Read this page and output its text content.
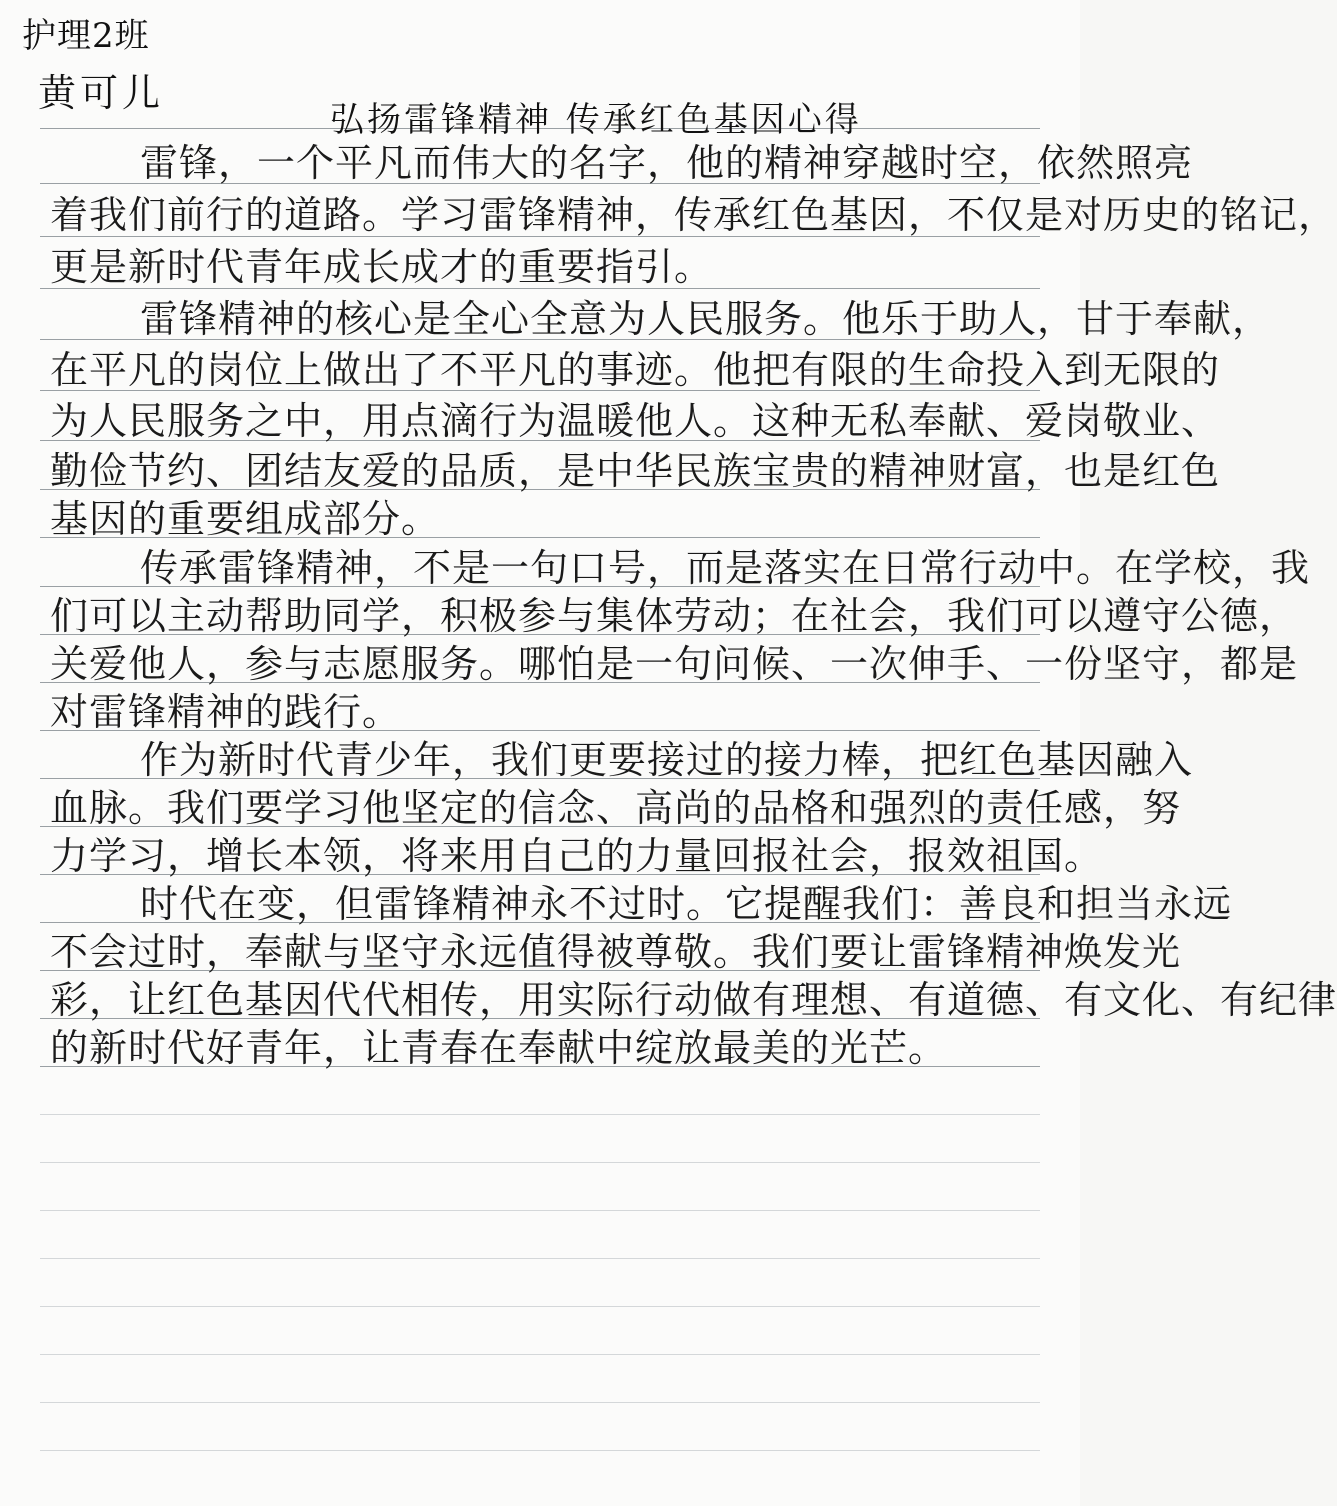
护理2班
黄可儿
弘扬雷锋精神 传承红色基因心得
雷锋，一个平凡而伟大的名字，他的精神穿越时空，依然照亮
着我们前行的道路。学习雷锋精神，传承红色基因，不仅是对历史的铭记，
更是新时代青年成长成才的重要指引。
雷锋精神的核心是全心全意为人民服务。他乐于助人，甘于奉献，
在平凡的岗位上做出了不平凡的事迹。他把有限的生命投入到无限的
为人民服务之中，用点滴行为温暖他人。这种无私奉献、爱岗敬业、
勤俭节约、团结友爱的品质，是中华民族宝贵的精神财富，也是红色
基因的重要组成部分。
传承雷锋精神，不是一句口号，而是落实在日常行动中。在学校，我
们可以主动帮助同学，积极参与集体劳动；在社会，我们可以遵守公德，
关爱他人，参与志愿服务。哪怕是一句问候、一次伸手、一份坚守，都是
对雷锋精神的践行。
作为新时代青少年，我们更要接过的接力棒，把红色基因融入
血脉。我们要学习他坚定的信念、高尚的品格和强烈的责任感，努
力学习，增长本领，将来用自己的力量回报社会，报效祖国。
时代在变，但雷锋精神永不过时。它提醒我们：善良和担当永远
不会过时，奉献与坚守永远值得被尊敬。我们要让雷锋精神焕发光
彩，让红色基因代代相传，用实际行动做有理想、有道德、有文化、有纪律
的新时代好青年，让青春在奉献中绽放最美的光芒。
